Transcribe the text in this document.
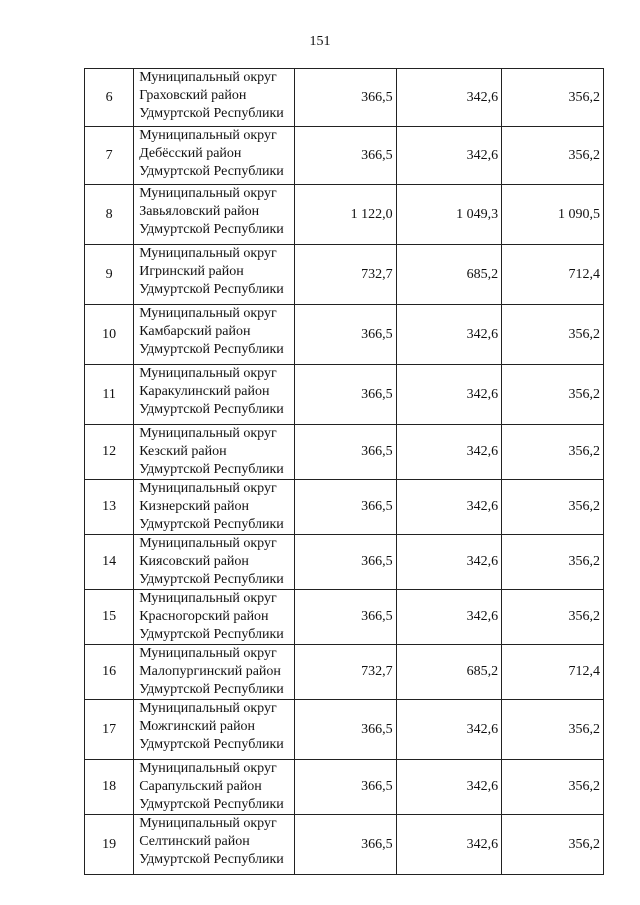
151
6	Муниципальный округ
Граховский район
Удмуртской Республики	366,5	342,6	356,2
7	Муниципальный округ
Дебёсский район
Удмуртской Республики	366,5	342,6	356,2
8	Муниципальный округ
Завьяловский район
Удмуртской Республики	1 122,0	1 049,3	1 090,5
9	Муниципальный округ
Игринский район
Удмуртской Республики	732,7	685,2	712,4
10	Муниципальный округ
Камбарский район
Удмуртской Республики	366,5	342,6	356,2
11	Муниципальный округ
Каракулинский район
Удмуртской Республики	366,5	342,6	356,2
12	Муниципальный округ
Кезский район
Удмуртской Республики	366,5	342,6	356,2
13	Муниципальный округ
Кизнерский район
Удмуртской Республики	366,5	342,6	356,2
14	Муниципальный округ
Киясовский район
Удмуртской Республики	366,5	342,6	356,2
15	Муниципальный округ
Красногорский район
Удмуртской Республики	366,5	342,6	356,2
16	Муниципальный округ
Малопургинский район
Удмуртской Республики	732,7	685,2	712,4
17	Муниципальный округ
Можгинский район
Удмуртской Республики	366,5	342,6	356,2
18	Муниципальный округ
Сарапульский район
Удмуртской Республики	366,5	342,6	356,2
19	Муниципальный округ
Селтинский район
Удмуртской Республики	366,5	342,6	356,2
